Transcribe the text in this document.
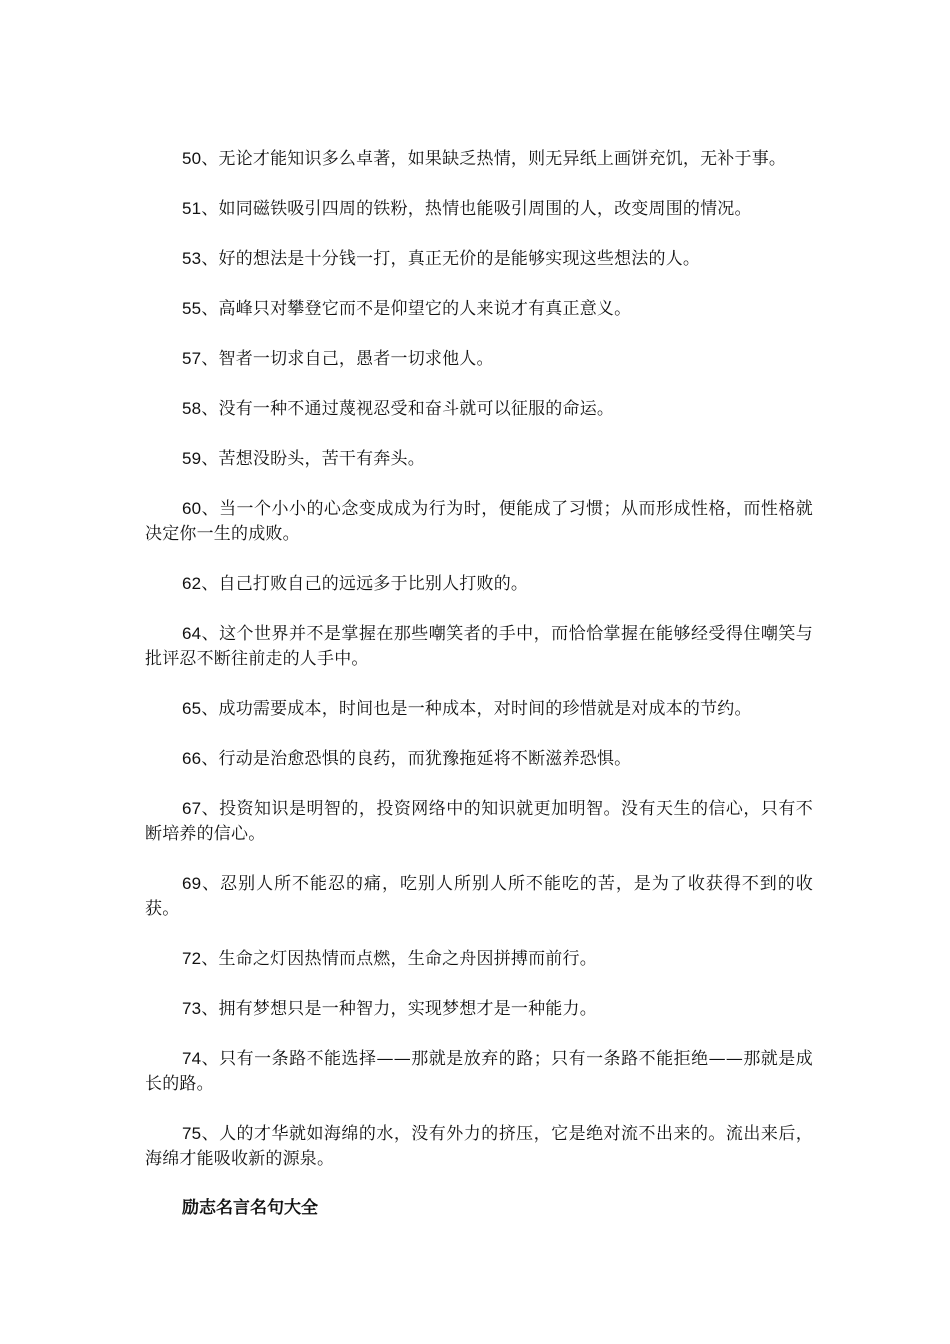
50、无论才能知识多么卓著，如果缺乏热情，则无异纸上画饼充饥，无补于事。

51、如同磁铁吸引四周的铁粉，热情也能吸引周围的人，改变周围的情况。

53、好的想法是十分钱一打，真正无价的是能够实现这些想法的人。

55、高峰只对攀登它而不是仰望它的人来说才有真正意义。

57、智者一切求自己，愚者一切求他人。

58、没有一种不通过蔑视忍受和奋斗就可以征服的命运。

59、苦想没盼头，苦干有奔头。

60、当一个小小的心念变成成为行为时，便能成了习惯；从而形成性格，而性格就决定你一生的成败。

62、自己打败自己的远远多于比别人打败的。

64、这个世界并不是掌握在那些嘲笑者的手中，而恰恰掌握在能够经受得住嘲笑与批评忍不断往前走的人手中。

65、成功需要成本，时间也是一种成本，对时间的珍惜就是对成本的节约。

66、行动是治愈恐惧的良药，而犹豫拖延将不断滋养恐惧。

67、投资知识是明智的，投资网络中的知识就更加明智。没有天生的信心，只有不断培养的信心。

69、忍别人所不能忍的痛，吃别人所别人所不能吃的苦，是为了收获得不到的收获。

72、生命之灯因热情而点燃，生命之舟因拼搏而前行。

73、拥有梦想只是一种智力，实现梦想才是一种能力。

74、只有一条路不能选择——那就是放弃的路；只有一条路不能拒绝——那就是成长的路。

75、人的才华就如海绵的水，没有外力的挤压，它是绝对流不出来的。流出来后，海绵才能吸收新的源泉。

励志名言名句大全
